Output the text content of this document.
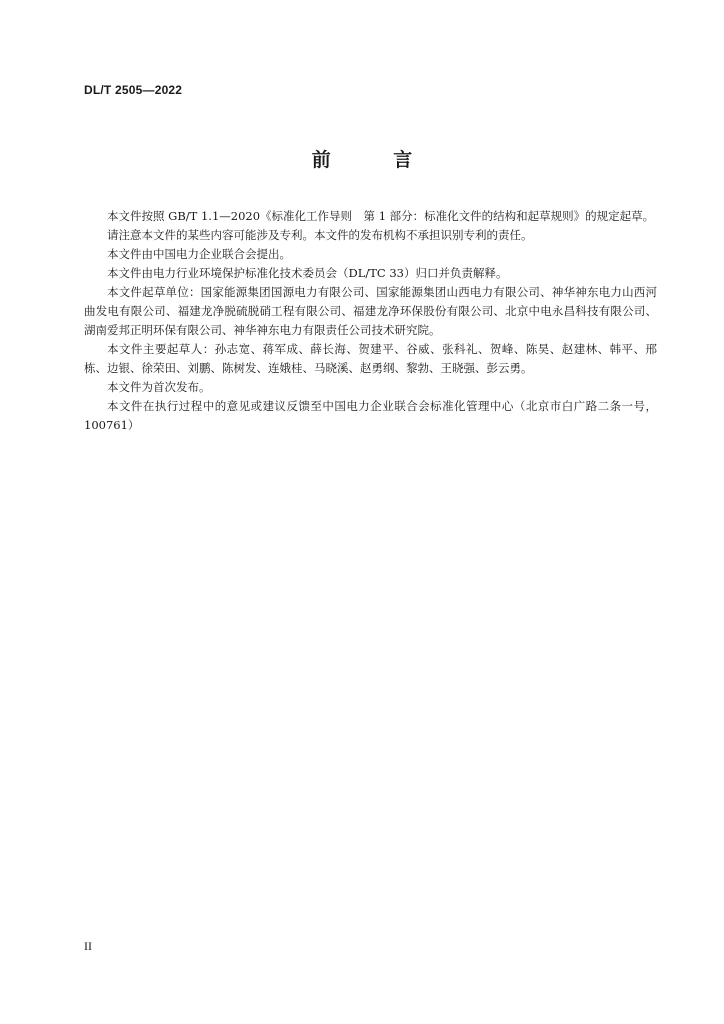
DL/T 2505—2022
前 言

本文件按照 GB/T 1.1—2020《标准化工作导则　第 1 部分：标准化文件的结构和起草规则》的规定起草。

请注意本文件的某些内容可能涉及专利。本文件的发布机构不承担识别专利的责任。

本文件由中国电力企业联合会提出。

本文件由电力行业环境保护标准化技术委员会（DL/TC 33）归口并负责解释。

本文件起草单位：国家能源集团国源电力有限公司、国家能源集团山西电力有限公司、神华神东电力山西河曲发电有限公司、福建龙净脱硫脱硝工程有限公司、福建龙净环保股份有限公司、北京中电永昌科技有限公司、湖南爱邦正明环保有限公司、神华神东电力有限责任公司技术研究院。

本文件主要起草人：孙志宽、蒋军成、薛长海、贺建平、谷威、张科礼、贺峰、陈昊、赵建林、韩平、邢栋、边银、徐荣田、刘鹏、陈树发、连娥桂、马晓溪、赵勇纲、黎勃、王晓强、彭云勇。

本文件为首次发布。

本文件在执行过程中的意见或建议反馈至中国电力企业联合会标准化管理中心（北京市白广路二条一号，100761）

II
